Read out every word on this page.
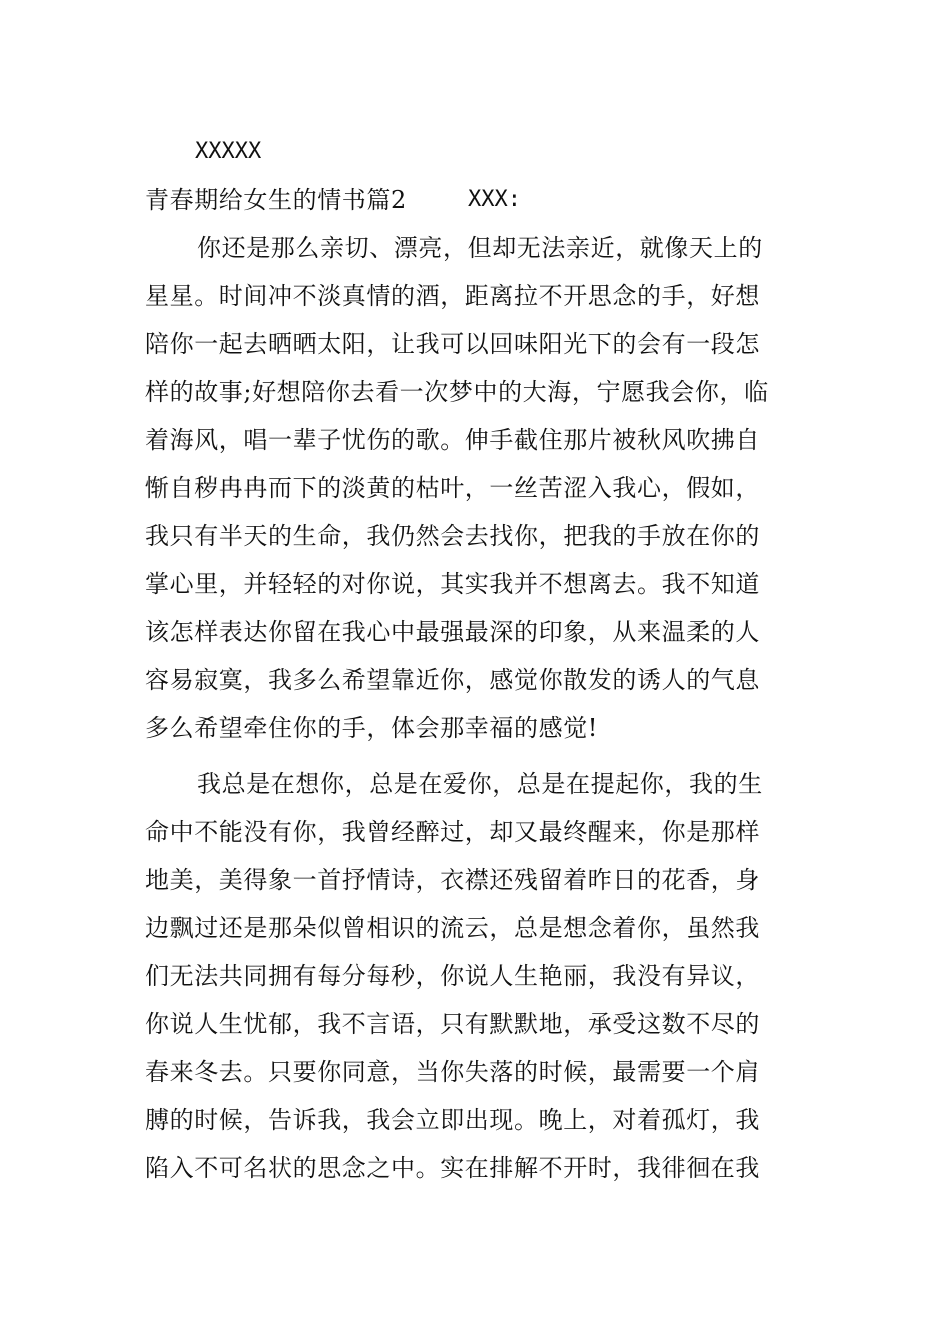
XXXXX
青春期给女生的情书篇2	XXX:
你还是那么亲切、漂亮，但却无法亲近，就像天上的
星星。时间冲不淡真情的酒，距离拉不开思念的手，好想
陪你一起去晒晒太阳，让我可以回味阳光下的会有一段怎
样的故事;好想陪你去看一次梦中的大海，宁愿我会你，临
着海风，唱一辈子忧伤的歌。伸手截住那片被秋风吹拂自
惭自秽冉冉而下的淡黄的枯叶，一丝苦涩入我心，假如，
我只有半天的生命，我仍然会去找你，把我的手放在你的
掌心里，并轻轻的对你说，其实我并不想离去。我不知道
该怎样表达你留在我心中最强最深的印象，从来温柔的人
容易寂寞，我多么希望靠近你，感觉你散发的诱人的气息
多么希望牵住你的手，体会那幸福的感觉!
我总是在想你，总是在爱你，总是在提起你，我的生
命中不能没有你，我曾经醉过，却又最终醒来，你是那样
地美，美得象一首抒情诗，衣襟还残留着昨日的花香，身
边飘过还是那朵似曾相识的流云，总是想念着你，虽然我
们无法共同拥有每分每秒，你说人生艳丽，我没有异议，
你说人生忧郁，我不言语，只有默默地，承受这数不尽的
春来冬去。只要你同意，当你失落的时候，最需要一个肩
膊的时候，告诉我，我会立即出现。晚上，对着孤灯，我
陷入不可名状的思念之中。实在排解不开时，我徘徊在我
